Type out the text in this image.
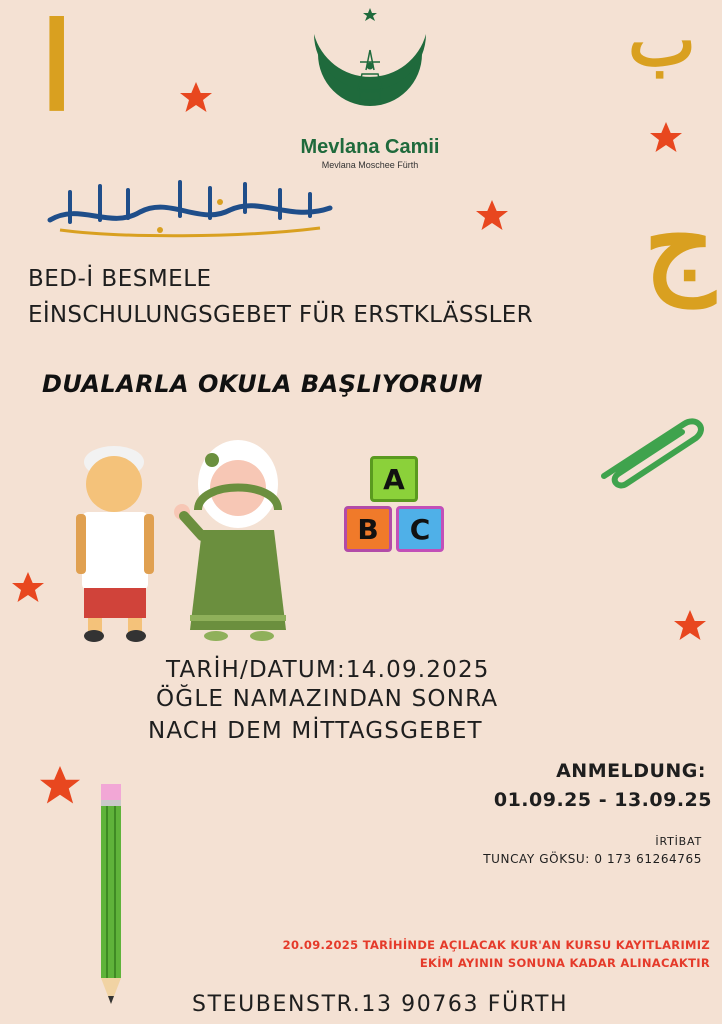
ا	ب
ج
Mevlana Camii
Mevlana Moschee Fürth
BED-İ BESMELE
EİNSCHULUNGSGEBET FÜR ERSTKLÄSSLER
DUALARLA OKULA BAŞLIYORUM
A
B C
TARİH/DATUM:14.09.2025
ÖĞLE NAMAZINDAN SONRA
NACH DEM MİTTAGSGEBET
ANMELDUNG:
01.09.25 - 13.09.25
İRTİBAT
TUNCAY GÖKSU: 0 173 61264765
20.09.2025 TARİHİNDE AÇILACAK KUR'AN KURSU KAYITLARIMIZ
EKİM AYININ SONUNA KADAR ALINACAKTIR
STEUBENSTR.13 90763 FÜRTH
